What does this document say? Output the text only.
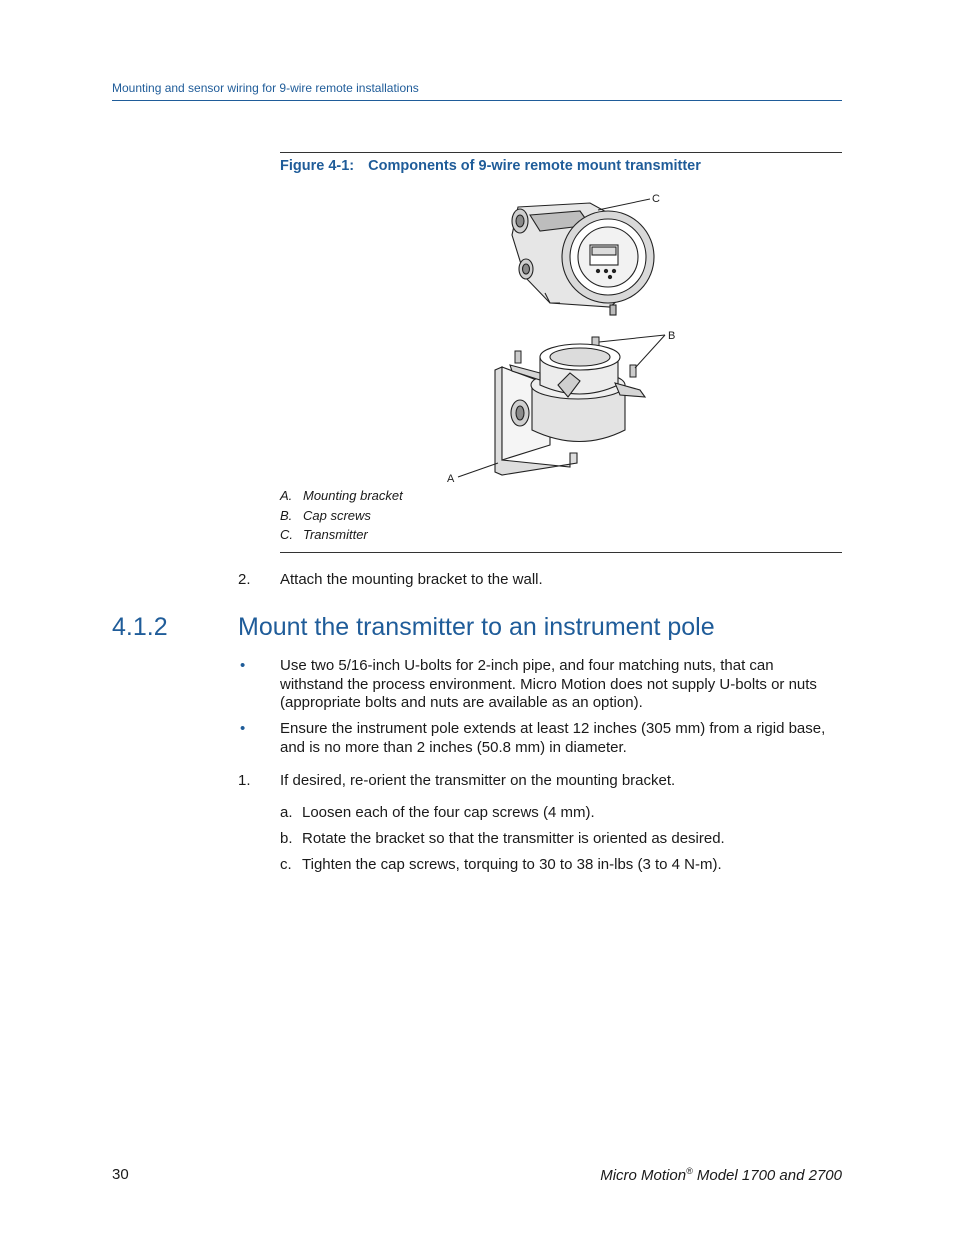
Mounting and sensor wiring for 9-wire remote installations
Figure 4-1: Components of 9-wire remote mount transmitter
C
B
A
A. Mounting bracket
B. Cap screws
C. Transmitter
2. Attach the mounting bracket to the wall.
4.1.2	Mount the transmitter to an instrument pole
• Use two 5/16-inch U-bolts for 2-inch pipe, and four matching nuts, that can withstand the process environment. Micro Motion does not supply U-bolts or nuts (appropriate bolts and nuts are available as an option).
• Ensure the instrument pole extends at least 12 inches (305 mm) from a rigid base, and is no more than 2 inches (50.8 mm) in diameter.
1. If desired, re-orient the transmitter on the mounting bracket.
a. Loosen each of the four cap screws (4 mm).
b. Rotate the bracket so that the transmitter is oriented as desired.
c. Tighten the cap screws, torquing to 30 to 38 in-lbs (3 to 4 N-m).
30	Micro Motion® Model 1700 and 2700
